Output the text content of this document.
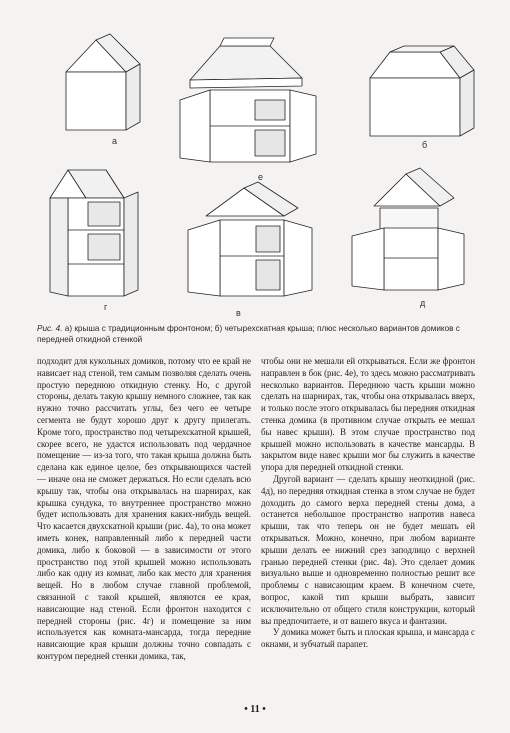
а
е
б
г
в
д
Рис. 4. а) крыша с традиционным фронтоном; б) четырехскатная крыша; плюс несколько вариантов домиков с передней откидной стенкой

подходит для кукольных домиков, потому что ее край не нависает над стеной, тем самым позволяя сделать очень простую переднюю откидную стенку. Но, с другой стороны, делать такую крышу немного сложнее, так как нужно точно рассчитать углы, без чего ее четыре сегмента не будут хорошо друг к другу прилегать. Кроме того, пространство под четырехскатной крышей, скорее всего, не удастся использовать под чердачное помещение — из-за того, что такая крыша должна быть сделана как единое целое, без открывающихся частей — иначе она не сможет держаться. Но если сделать всю крышу так, чтобы она открывалась на шарнирах, как крышка сундука, то внутреннее пространство можно будет использовать для хранения каких-нибудь вещей. Что касается двухскатной крыши (рис. 4а), то она может иметь конек, направленный либо к передней части домика, либо к боковой — в зависимости от этого пространство под этой крышей можно использовать либо как одну из комнат, либо как место для хранения вещей. Но в любом случае главной проблемой, связанной с такой крышей, являются ее края, нависающие над стеной. Если фронтон находится с передней стороны (рис. 4г) и помещение за ним используется как комната-мансарда, тогда передние нависающие края крыши должны точно совпадать с контуром передней стенки домика, так,

чтобы они не мешали ей открываться. Если же фронтон направлен в бок (рис. 4е), то здесь можно рассматривать несколько вариантов. Переднюю часть крыши можно сделать на шарнирах, так, чтобы она открывалась вверх, и только после этого открывалась бы передняя откидная стенка домика (в противном случае открыть ее мешал бы навес крыши). В этом случае пространство под крышей можно использовать в качестве мансарды. В закрытом виде навес крыши мог бы служить в качестве упора для передней откидной стенки.

Другой вариант — сделать крышу неоткидной (рис. 4д), но передняя откидная стенка в этом случае не будет доходить до самого верха передней стены дома, а останется небольшое пространство напротив навеса крыши, так что теперь он не будет мешать ей открываться. Можно, конечно, при любом варианте крыши делать ее нижний срез заподлицо с верхней гранью передней стенки (рис. 4в). Это сделает домик визуально выше и одновременно полностью решит все проблемы с нависающим краем. В конечном счете, вопрос, какой тип крыши выбрать, зависит исключительно от общего стиля конструкции, который вы предпочитаете, и от вашего вкуса и фантазии.

У домика может быть и плоская крыша, и мансарда с окнами, и зубчатый парапет.

• 11 •
